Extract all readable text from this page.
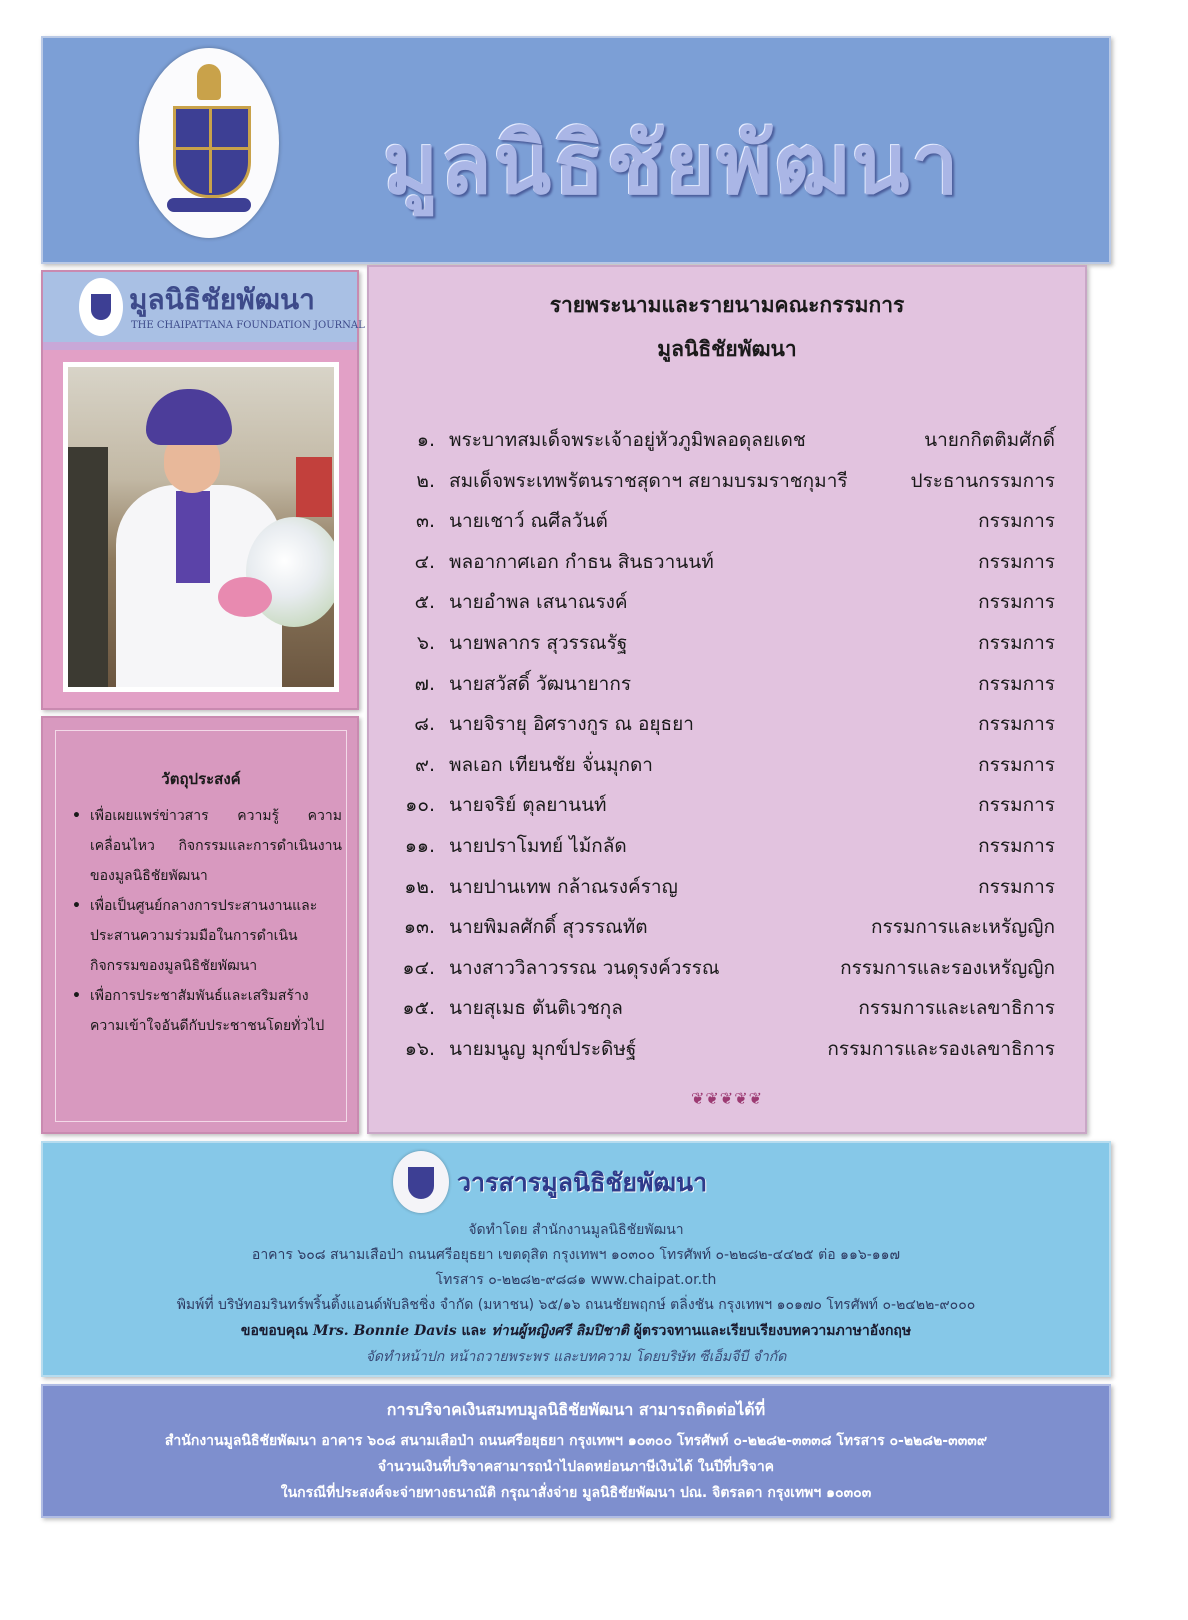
มูลนิธิชัยพัฒนา
มูลนิธิชัยพัฒนา
THE CHAIPATTANA FOUNDATION JOURNAL
วัตถุประสงค์
• เพื่อเผยแพร่ข่าวสาร ความรู้ ความเคลื่อนไหว กิจกรรมและการดำเนินงานของมูลนิธิชัยพัฒนา
• เพื่อเป็นศูนย์กลางการประสานงานและประสานความร่วมมือในการดำเนินกิจกรรมของมูลนิธิชัยพัฒนา
• เพื่อการประชาสัมพันธ์และเสริมสร้างความเข้าใจอันดีกับประชาชนโดยทั่วไป
รายพระนามและรายนามคณะกรรมการ
มูลนิธิชัยพัฒนา
๑. พระบาทสมเด็จพระเจ้าอยู่หัวภูมิพลอดุลยเดช	นายกกิตติมศักดิ์
๒. สมเด็จพระเทพรัตนราชสุดาฯ สยามบรมราชกุมารี	ประธานกรรมการ
๓. นายเชาว์ ณศีลวันต์	กรรมการ
๔. พลอากาศเอก กำธน สินธวานนท์	กรรมการ
๕. นายอำพล เสนาณรงค์	กรรมการ
๖. นายพลากร สุวรรณรัฐ	กรรมการ
๗. นายสวัสดิ์ วัฒนายากร	กรรมการ
๘. นายจิรายุ อิศรางกูร ณ อยุธยา	กรรมการ
๙. พลเอก เทียนชัย จั่นมุกดา	กรรมการ
๑๐. นายจริย์ ตุลยานนท์	กรรมการ
๑๑. นายปราโมทย์ ไม้กลัด	กรรมการ
๑๒. นายปานเทพ กล้าณรงค์ราญ	กรรมการ
๑๓. นายพิมลศักดิ์ สุวรรณทัต	กรรมการและเหรัญญิก
๑๔. นางสาววิลาวรรณ วนดุรงค์วรรณ	กรรมการและรองเหรัญญิก
๑๕. นายสุเมธ ตันติเวชกุล	กรรมการและเลขาธิการ
๑๖. นายมนูญ มุกข์ประดิษฐ์	กรรมการและรองเลขาธิการ
❦❦❦❦❦
วารสารมูลนิธิชัยพัฒนา
จัดทำโดย สำนักงานมูลนิธิชัยพัฒนา
อาคาร ๖๐๘ สนามเสือป่า ถนนศรีอยุธยา เขตดุสิต กรุงเทพฯ ๑๐๓๐๐ โทรศัพท์ ๐-๒๒๘๒-๔๔๒๕ ต่อ ๑๑๖-๑๑๗
โทรสาร ๐-๒๒๘๒-๙๘๘๑ www.chaipat.or.th
พิมพ์ที่ บริษัทอมรินทร์พริ้นติ้งแอนด์พับลิชชิ่ง จำกัด (มหาชน) ๖๕/๑๖ ถนนชัยพฤกษ์ ตลิ่งชัน กรุงเทพฯ ๑๐๑๗๐ โทรศัพท์ ๐-๒๔๒๒-๙๐๐๐
ขอขอบคุณ Mrs. Bonnie Davis และ ท่านผู้หญิงศรี ลิมปิชาติ ผู้ตรวจทานและเรียบเรียงบทความภาษาอังกฤษ
จัดทำหน้าปก หน้าถวายพระพร และบทความ โดยบริษัท ซีเอ็มจีบี จำกัด
การบริจาคเงินสมทบมูลนิธิชัยพัฒนา สามารถติดต่อได้ที่
สำนักงานมูลนิธิชัยพัฒนา อาคาร ๖๐๘ สนามเสือป่า ถนนศรีอยุธยา กรุงเทพฯ ๑๐๓๐๐ โทรศัพท์ ๐-๒๒๘๒-๓๓๓๘ โทรสาร ๐-๒๒๘๒-๓๓๓๙
จำนวนเงินที่บริจาคสามารถนำไปลดหย่อนภาษีเงินได้ ในปีที่บริจาค
ในกรณีที่ประสงค์จะจ่ายทางธนาณัติ กรุณาสั่งจ่าย มูลนิธิชัยพัฒนา ปณ. จิตรลดา กรุงเทพฯ ๑๐๓๐๓
